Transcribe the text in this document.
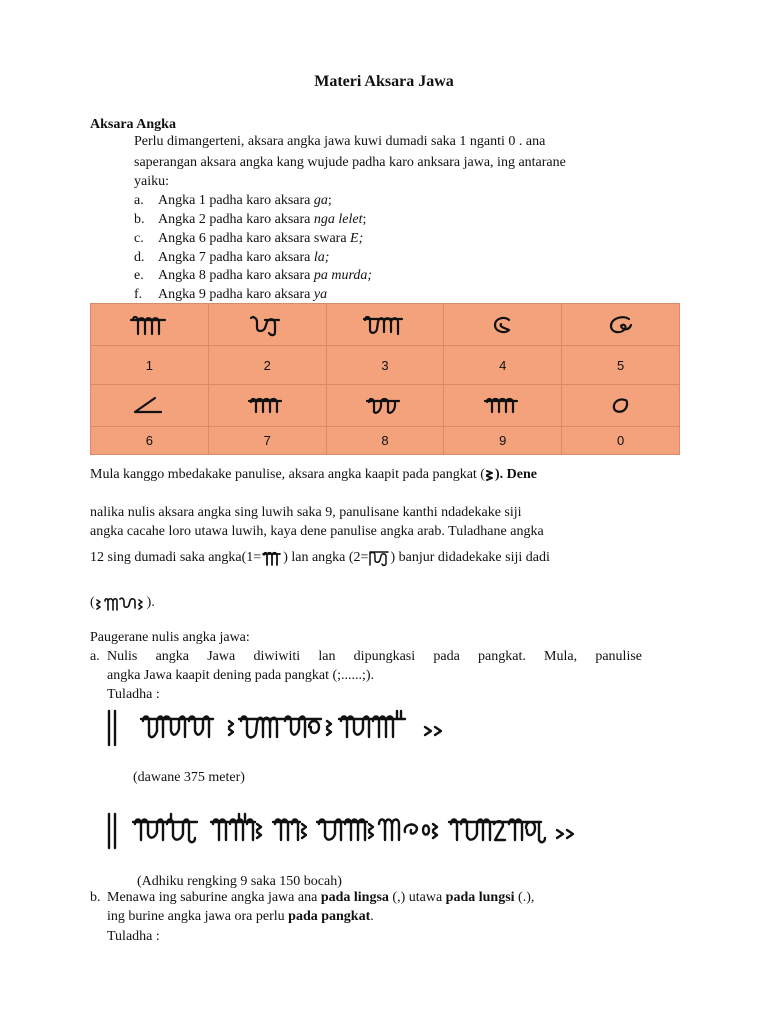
Materi Aksara Jawa
Aksara Angka
Perlu dimangerteni, aksara angka jawa kuwi dumadi saka 1 nganti 0 . ana
saperangan aksara angka kang wujude padha karo anksara jawa, ing antarane
yaiku:
a. Angka 1 padha karo aksara ga;
b. Angka 2 padha karo aksara nga lelet;
c. Angka 6 padha karo aksara swara E;
d. Angka 7 padha karo aksara la;
e. Angka 8 padha karo aksara pa murda;
f. Angka 9 padha karo aksara ya

1	2	3	4	5

6	7	8	9	0
Mula kanggo mbedakake panulise, aksara angka kaapit pada pangkat ( ). Dene
nalika nulis aksara angka sing luwih saka 9, panulisane kanthi ndadekake siji
angka cacahe loro utawa luwih, kaya dene panulise angka arab. Tuladhane angka
12 sing dumadi saka angka(1= ) lan angka (2= ) banjur didadekake siji dadi
(	).
Paugerane nulis angka jawa:
a. Nulis angka Jawa diwiwiti lan dipungkasi pada pangkat. Mula, panulise
angka Jawa kaapit dening pada pangkat (;......;).
Tuladha :
(dawane 375 meter)
(Adhiku rengking 9 saka 150 bocah)
b. Menawa ing saburine angka jawa ana pada lingsa (,) utawa pada lungsi (.),
ing burine angka jawa ora perlu pada pangkat.
Tuladha :
